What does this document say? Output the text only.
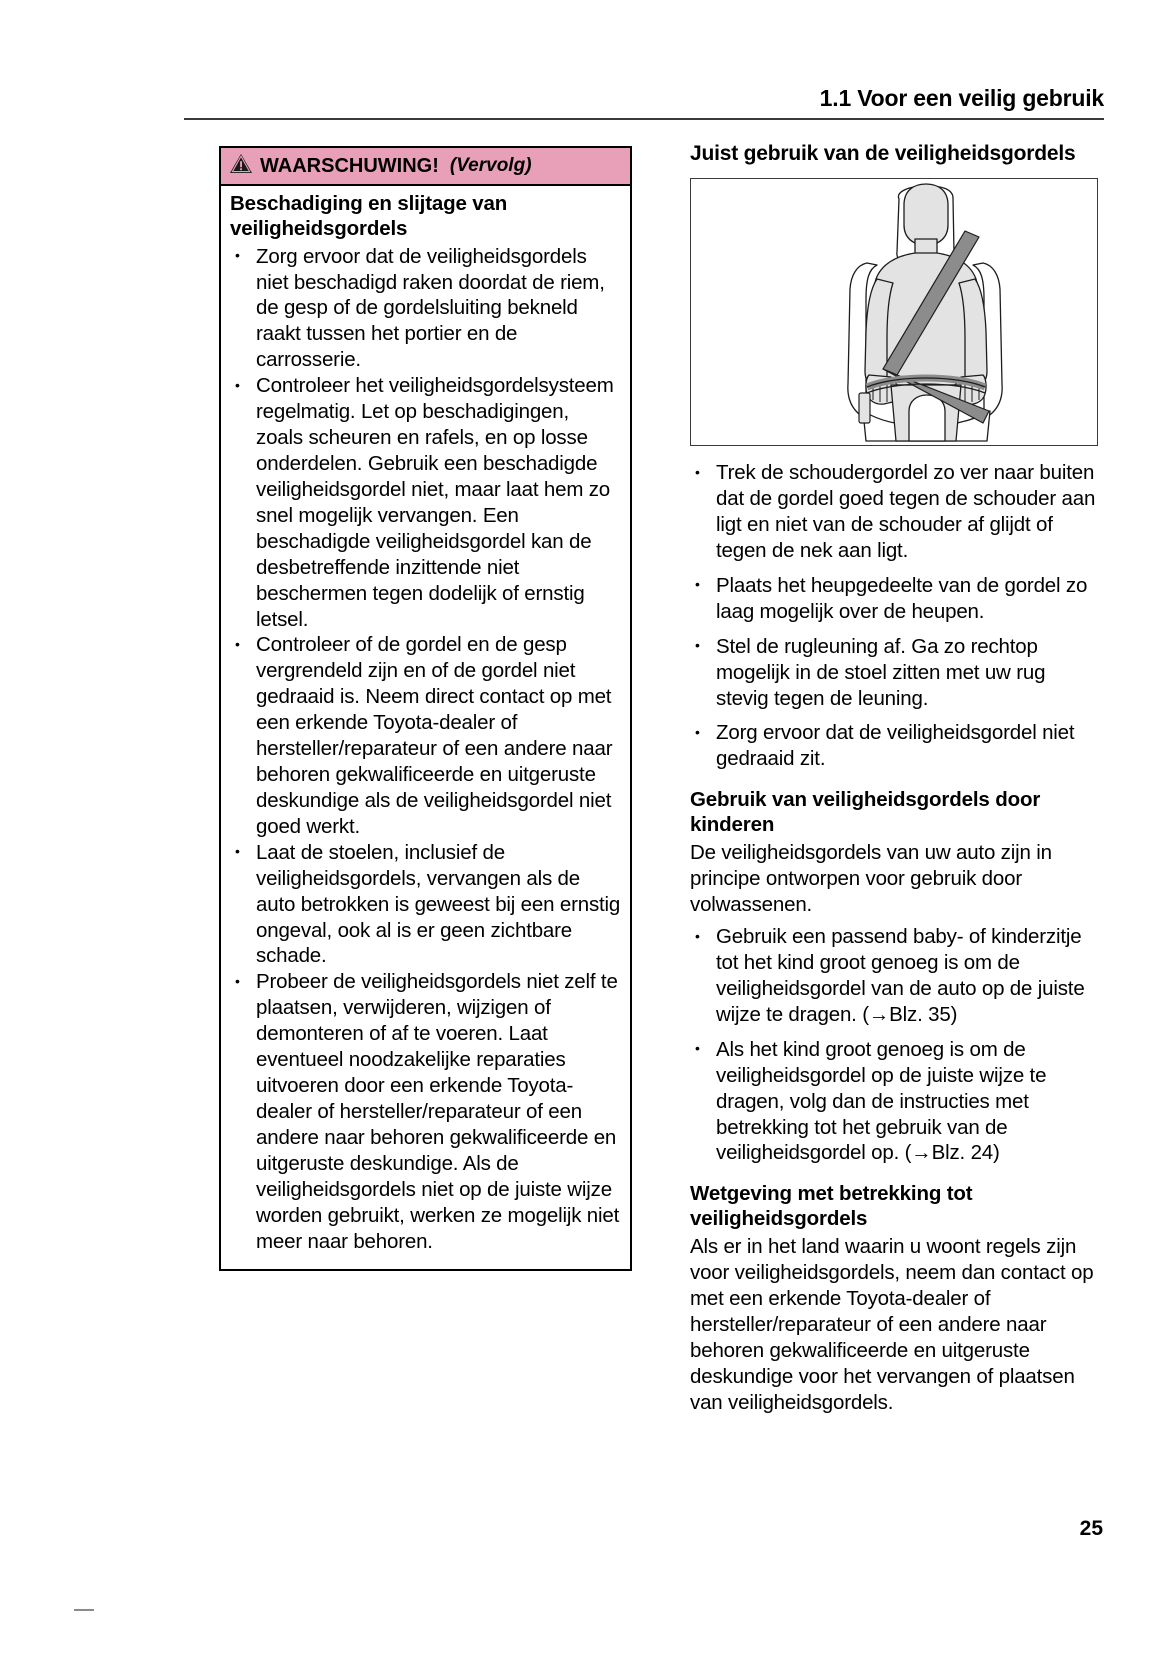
1.1 Voor een veilig gebruik
WAARSCHUWING! (Vervolg)
Beschadiging en slijtage van veiligheidsgordels
• Zorg ervoor dat de veiligheidsgordels niet beschadigd raken doordat de riem, de gesp of de gordelsluiting bekneld raakt tussen het portier en de carrosserie.
• Controleer het veiligheidsgordelsysteem regelmatig. Let op beschadigingen, zoals scheuren en rafels, en op losse onderdelen. Gebruik een beschadigde veiligheidsgordel niet, maar laat hem zo snel mogelijk vervangen. Een beschadigde veiligheidsgordel kan de desbetreffende inzittende niet beschermen tegen dodelijk of ernstig letsel.
• Controleer of de gordel en de gesp vergrendeld zijn en of de gordel niet gedraaid is. Neem direct contact op met een erkende Toyota-dealer of hersteller/reparateur of een andere naar behoren gekwalificeerde en uitgeruste deskundige als de veiligheidsgordel niet goed werkt.
• Laat de stoelen, inclusief de veiligheidsgordels, vervangen als de auto betrokken is geweest bij een ernstig ongeval, ook al is er geen zichtbare schade.
• Probeer de veiligheidsgordels niet zelf te plaatsen, verwijderen, wijzigen of demonteren of af te voeren. Laat eventueel noodzakelijke reparaties uitvoeren door een erkende Toyota-dealer of hersteller/reparateur of een andere naar behoren gekwalificeerde en uitgeruste deskundige. Als de veiligheidsgordels niet op de juiste wijze worden gebruikt, werken ze mogelijk niet meer naar behoren.
Juist gebruik van de veiligheidsgordels
• Trek de schoudergordel zo ver naar buiten dat de gordel goed tegen de schouder aan ligt en niet van de schouder af glijdt of tegen de nek aan ligt.
• Plaats het heupgedeelte van de gordel zo laag mogelijk over de heupen.
• Stel de rugleuning af. Ga zo rechtop mogelijk in de stoel zitten met uw rug stevig tegen de leuning.
• Zorg ervoor dat de veiligheidsgordel niet gedraaid zit.
Gebruik van veiligheidsgordels door kinderen

De veiligheidsgordels van uw auto zijn in principe ontworpen voor gebruik door volwassenen.

• Gebruik een passend baby- of kinderzitje tot het kind groot genoeg is om de veiligheidsgordel van de auto op de juiste wijze te dragen. (→Blz. 35)
• Als het kind groot genoeg is om de veiligheidsgordel op de juiste wijze te dragen, volg dan de instructies met betrekking tot het gebruik van de veiligheidsgordel op. (→Blz. 24)
Wetgeving met betrekking tot veiligheidsgordels

Als er in het land waarin u woont regels zijn voor veiligheidsgordels, neem dan contact op met een erkende Toyota-dealer of hersteller/reparateur of een andere naar behoren gekwalificeerde en uitgeruste deskundige voor het vervangen of plaatsen van veiligheidsgordels.

25
